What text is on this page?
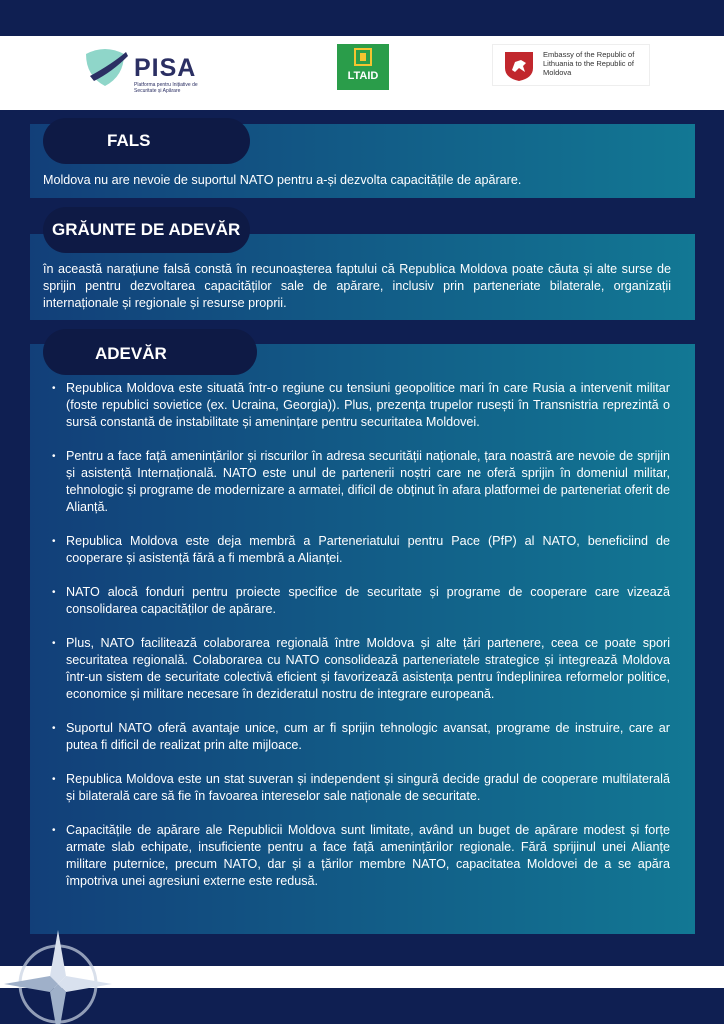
PISA
Platforma pentru Inițiative de Securitate și Apărare
LTAID
Embassy of the Republic of Lithuania to the Republic of Moldova
FALS

Moldova nu are nevoie de suportul NATO pentru a-și dezvolta capacitățile de apărare.

GRĂUNTE DE ADEVĂR

în această narațiune falsă constă în recunoașterea faptului că Republica Moldova poate căuta și alte surse de sprijin pentru dezvoltarea capacităților sale de apărare, inclusiv prin parteneriate bilaterale, organizații internaționale și regionale și resurse proprii.

ADEVĂR
• Republica Moldova este situată într-o regiune cu tensiuni geopolitice mari în care Rusia a intervenit militar (foste republici sovietice (ex. Ucraina, Georgia)). Plus, prezența trupelor rusești în Transnistria reprezintă o sursă constantă de instabilitate și amenințare pentru securitatea Moldovei.
• Pentru a face față amenințărilor și riscurilor în adresa securității naționale, țara noastră are nevoie de sprijin și asistență Internațională. NATO este unul de partenerii noștri care ne oferă sprijin în domeniul militar, tehnologic și programe de modernizare a armatei, dificil de obținut în afara platformei de parteneriat oferit de Alianță.
• Republica Moldova este deja membră a Parteneriatului pentru Pace (PfP) al NATO, beneficiind de cooperare și asistență fără a fi membră a Alianței.
• NATO alocă fonduri pentru proiecte specifice de securitate și programe de cooperare care vizează consolidarea capacităților de apărare.
• Plus, NATO facilitează colaborarea regională între Moldova și alte țări partenere, ceea ce poate spori securitatea regională. Colaborarea cu NATO consolidează parteneriatele strategice și integrează Moldova într-un sistem de securitate colectivă eficient și favorizează asistența pentru îndeplinirea reformelor politice, economice și militare necesare în dezideratul nostru de integrare europeană.
• Suportul NATO oferă avantaje unice, cum ar fi sprijin tehnologic avansat, programe de instruire, care ar putea fi dificil de realizat prin alte mijloace.
• Republica Moldova este un stat suveran și independent și singură decide gradul de cooperare multilaterală și bilaterală care să fie în favoarea intereselor sale naționale de securitate.
• Capacitățile de apărare ale Republicii Moldova sunt limitate, având un buget de apărare modest și forțe armate slab echipate, insuficiente pentru a face față amenințărilor regionale. Fără sprijinul unei Alianțe militare puternice, precum NATO, dar și a țărilor membre NATO, capacitatea Moldovei de a se apăra împotriva unei agresiuni externe este redusă.
